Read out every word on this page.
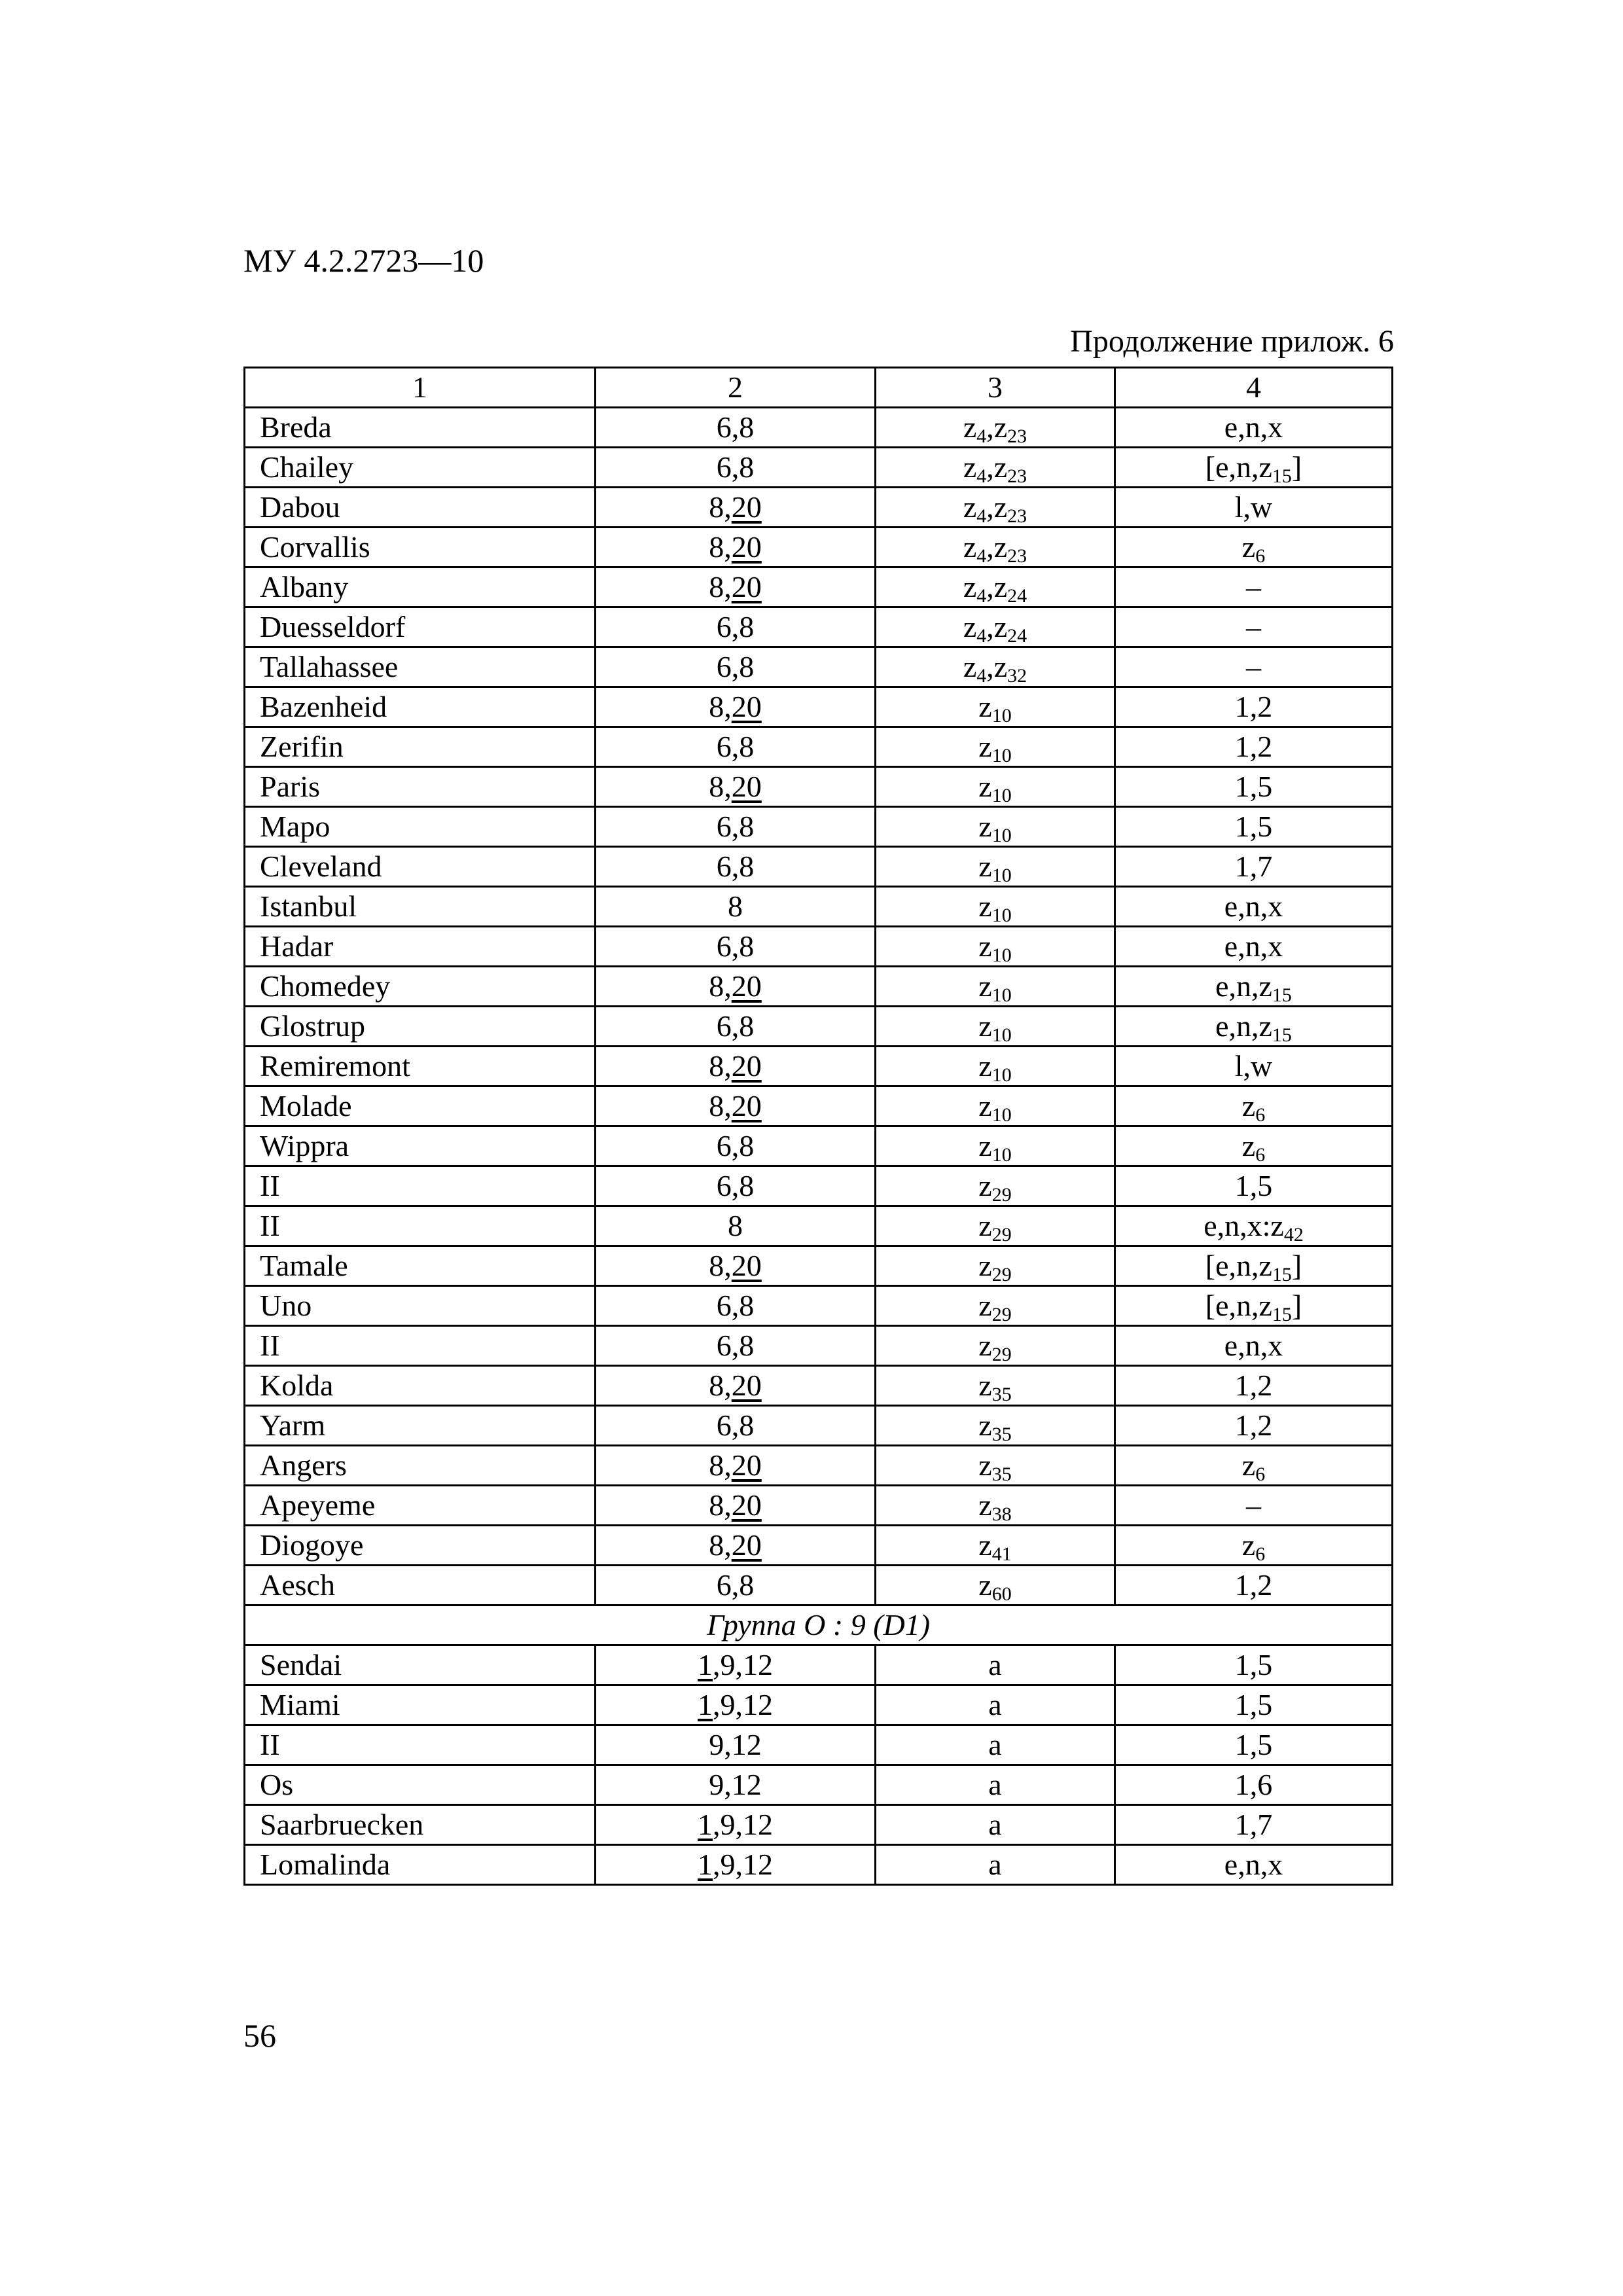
МУ 4.2.2723—10
Продолжение прилож. 6
1	2	3	4
Breda	6,8	$z_4,z_{23}$	e,n,x
Chailey	6,8	$z_4,z_{23}$	$[e,n,z_{15}]$
Dabou	8,20	$z_4,z_{23}$	l,w
Corvallis	8,20	$z_4,z_{23}$	$z_6$
Albany	8,20	$z_4,z_{24}$	–
Duesseldorf	6,8	$z_4,z_{24}$	–
Tallahassee	6,8	$z_4,z_{32}$	–
Bazenheid	8,20	$z_{10}$	1,2
Zerifin	6,8	$z_{10}$	1,2
Paris	8,20	$z_{10}$	1,5
Mapo	6,8	$z_{10}$	1,5
Cleveland	6,8	$z_{10}$	1,7
Istanbul	8	$z_{10}$	e,n,x
Hadar	6,8	$z_{10}$	e,n,x
Chomedey	8,20	$z_{10}$	$e,n,z_{15}$
Glostrup	6,8	$z_{10}$	$e,n,z_{15}$
Remiremont	8,20	$z_{10}$	l,w
Molade	8,20	$z_{10}$	$z_6$
Wippra	6,8	$z_{10}$	$z_6$
II	6,8	$z_{29}$	1,5
II	8	$z_{29}$	$e,n,x:z_{42}$
Tamale	8,20	$z_{29}$	$[e,n,z_{15}]$
Uno	6,8	$z_{29}$	$[e,n,z_{15}]$
II	6,8	$z_{29}$	e,n,x
Kolda	8,20	$z_{35}$	1,2
Yarm	6,8	$z_{35}$	1,2
Angers	8,20	$z_{35}$	$z_6$
Apeyeme	8,20	$z_{38}$	–
Diogoye	8,20	$z_{41}$	$z_6$
Aesch	6,8	$z_{60}$	1,2
Группа O : 9 (D1)			
Sendai	1,9,12	a	1,5
Miami	1,9,12	a	1,5
II	9,12	a	1,5
Os	9,12	a	1,6
Saarbruecken	1,9,12	a	1,7
Lomalinda	1,9,12	a	e,n,x
56
